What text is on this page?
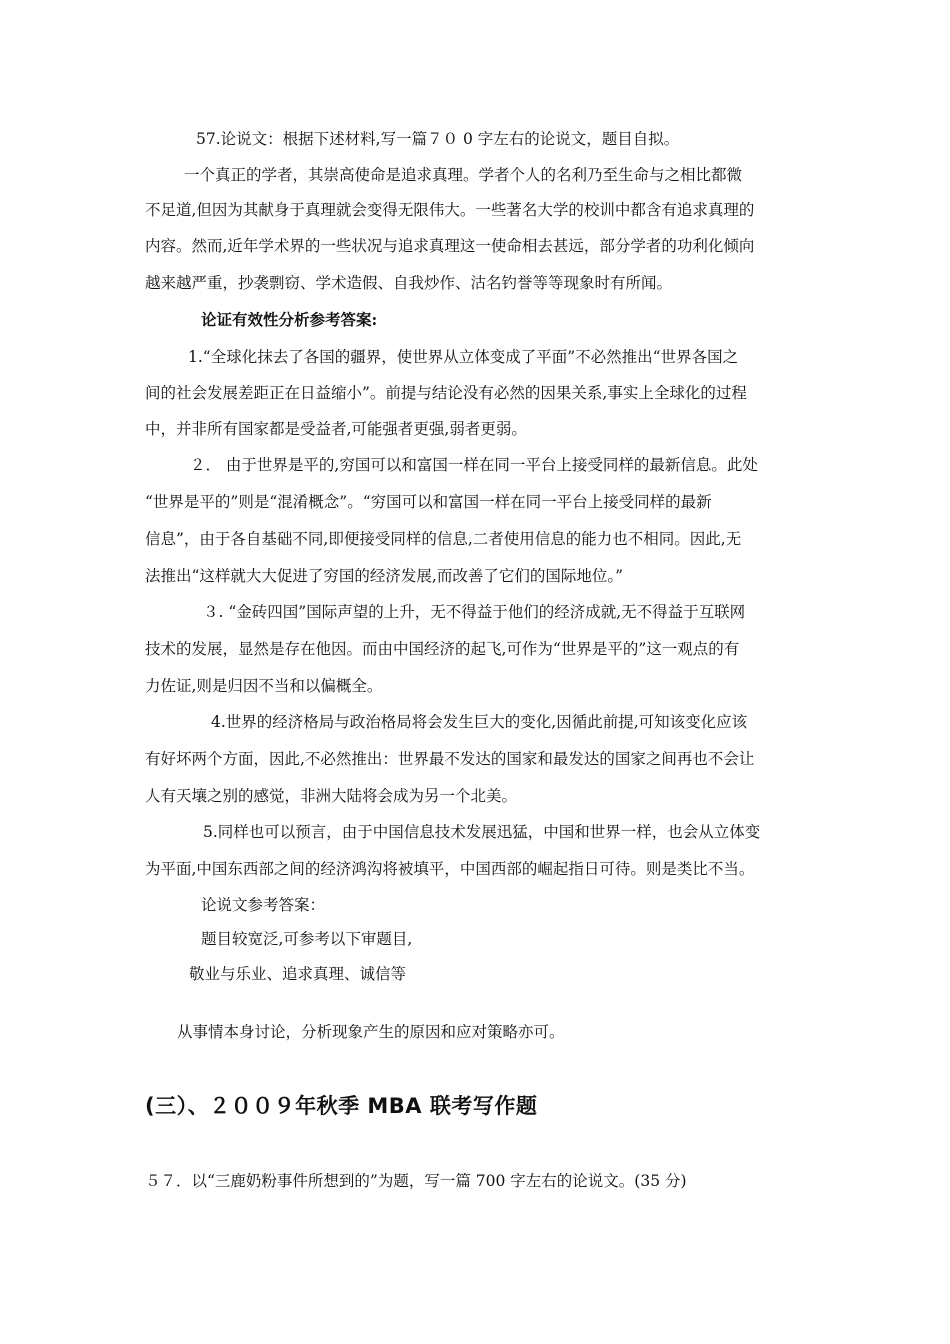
57.论说文：根据下述材料,写一篇７０ 0 字左右的论说文，题目自拟。
一个真正的学者，其崇高使命是追求真理。学者个人的名利乃至生命与之相比都微
不足道,但因为其献身于真理就会变得无限伟大。一些著名大学的校训中都含有追求真理的
内容。然而,近年学术界的一些状况与追求真理这一使命相去甚远，部分学者的功利化倾向
越来越严重，抄袭剽窃、学术造假、自我炒作、沽名钓誉等等现象时有所闻。
论证有效性分析参考答案:
1.“全球化抹去了各国的疆界，使世界从立体变成了平面”不必然推出“世界各国之
间的社会发展差距正在日益缩小”。前提与结论没有必然的因果关系,事实上全球化的过程
中，并非所有国家都是受益者,可能强者更强,弱者更弱。
２． 由于世界是平的,穷国可以和富国一样在同一平台上接受同样的最新信息。此处
“世界是平的”则是“混淆概念”。“穷国可以和富国一样在同一平台上接受同样的最新
信息”，由于各自基础不同,即便接受同样的信息,二者使用信息的能力也不相同。因此,无
法推出“这样就大大促进了穷国的经济发展,而改善了它们的国际地位。”
３. “金砖四国”国际声望的上升，无不得益于他们的经济成就,无不得益于互联网
技术的发展，显然是存在他因。而由中国经济的起飞,可作为“世界是平的”这一观点的有
力佐证,则是归因不当和以偏概全。
4.世界的经济格局与政治格局将会发生巨大的变化,因循此前提,可知该变化应该
有好坏两个方面，因此,不必然推出：世界最不发达的国家和最发达的国家之间再也不会让
人有天壤之别的感觉，非洲大陆将会成为另一个北美。
5.同样也可以预言，由于中国信息技术发展迅猛，中国和世界一样，也会从立体变
为平面,中国东西部之间的经济鸿沟将被填平，中国西部的崛起指日可待。则是类比不当。
论说文参考答案：
题目较宽泛,可参考以下审题目,
敬业与乐业、追求真理、诚信等
从事情本身讨论，分析现象产生的原因和应对策略亦可。
(三）、２００９年秋季 MBA 联考写作题
５７．以“三鹿奶粉事件所想到的”为题，写一篇 700 字左右的论说文。(35 分)
